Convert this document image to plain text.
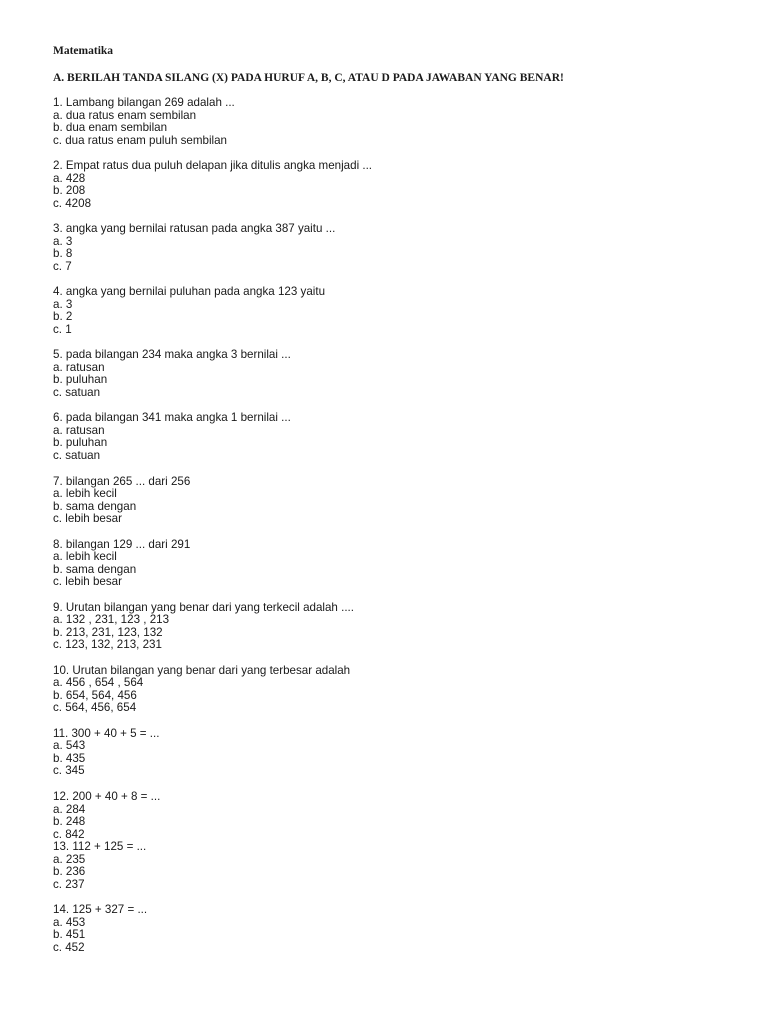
Matematika
A. BERILAH TANDA SILANG (X) PADA HURUF A, B, C, ATAU D PADA JAWABAN YANG BENAR!
1. Lambang bilangan 269 adalah ...
a. dua ratus enam sembilan
b. dua enam sembilan
c. dua ratus enam puluh sembilan
2. Empat ratus dua puluh delapan jika ditulis angka menjadi ...
a. 428
b. 208
c. 4208
3. angka yang bernilai ratusan pada angka 387 yaitu ...
a. 3
b. 8
c. 7
4. angka yang bernilai puluhan pada angka 123 yaitu
a. 3
b. 2
c. 1
5. pada bilangan 234 maka angka 3 bernilai ...
a. ratusan
b. puluhan
c. satuan
6. pada bilangan 341 maka angka 1 bernilai ...
a. ratusan
b. puluhan
c. satuan
7. bilangan 265 ... dari 256
a. lebih kecil
b. sama dengan
c. lebih besar
8. bilangan 129 ... dari 291
a. lebih kecil
b. sama dengan
c. lebih besar
9. Urutan bilangan yang benar dari yang terkecil adalah ....
a. 132 , 231, 123 , 213
b. 213, 231, 123, 132
c. 123, 132, 213, 231
10. Urutan bilangan yang benar dari yang terbesar adalah
a. 456 , 654 , 564
b. 654, 564, 456
c. 564, 456, 654
11. 300 + 40 + 5 = ...
a. 543
b. 435
c. 345
12. 200 + 40 + 8 = ...
a. 284
b. 248
c. 842
13. 112 + 125 = ...
a. 235
b. 236
c. 237
14. 125 + 327 = ...
a. 453
b. 451
c. 452
